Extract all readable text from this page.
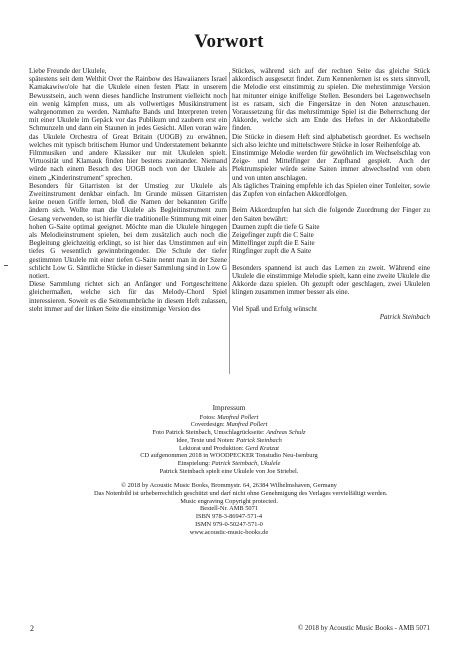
Vorwort

Liebe Freunde der Ukulele,

spätestens seit dem Welthit Over the Rainbow des Hawaiianers Israel Kamakawiwo'ole hat die Ukulele einen festen Platz in unserem Bewusstsein, auch wenn dieses handliche Instrument vielleicht noch ein wenig kämpfen muss, um als vollwertiges Musikinstrument wahrgenommen zu werden. Namhafte Bands und Interpreten treten mit einer Ukulele im Gepäck vor das Publikum und zaubern erst ein Schmunzeln und dann ein Staunen in jedes Gesicht. Allen voran wäre das Ukulele Orchestra of Great Britain (UOGB) zu erwähnen, welches mit typisch britischem Humor und Understatement bekannte Filmmusiken und andere Klassiker nur mit Ukulelen spielt. Virtuosität und Klamauk finden hier bestens zueinander. Niemand würde nach einem Besuch des UOGB noch von der Ukulele als einem „Kinderinstrument" sprechen.

Besonders für Gitarristen ist der Umstieg zur Ukulele als Zweitinstrument denkbar einfach. Im Grunde müssen Gitarristen keine neuen Griffe lernen, bloß die Namen der bekannten Griffe ändern sich. Wollte man die Ukulele als Begleitinstrument zum Gesang verwenden, so ist hierfür die traditionelle Stimmung mit einer hohen G-Saite optimal geeignet. Möchte man die Ukulele hingegen als Melodieinstrument spielen, bei dem zusätzlich auch noch die Begleitung gleichzeitig erklingt, so ist hier das Umstimmen auf ein tiefes G wesentlich gewinnbringender. Die Schule der tiefer gestimmten Ukulele mit einer tiefen G-Saite nennt man in der Szene schlicht Low G. Sämtliche Stücke in dieser Sammlung sind in Low G notiert.

Diese Sammlung richtet sich an Anfänger und Fortgeschrittene gleichermaßen, welche sich für das Melody-Chord Spiel interessieren. Soweit es die Seitenumbrüche in diesem Heft zulassen, steht immer auf der linken Seite die einstimmige Version des

Stückes, während sich auf der rechten Seite das gleiche Stück akkordisch ausgesetzt findet. Zum Kennenlernen ist es stets sinnvoll, die Melodie erst einstimmig zu spielen. Die mehrstimmige Version hat mitunter einige kniffelige Stellen. Besonders bei Lagenwechseln ist es ratsam, sich die Fingersätze in den Noten anzuschauen. Voraussetzung für das mehrstimmige Spiel ist die Beherrschung der Akkorde, welche sich am Ende des Heftes in der Akkordtabelle finden.

Die Stücke in diesem Heft sind alphabetisch geordnet. Es wechseln sich also leichte und mittelschwere Stücke in loser Reihenfolge ab.

Einstimmige Melodie werden für gewöhnlich im Wechselschlag von Zeige- und Mittelfinger der Zupfhand gespielt. Auch der Plektrumspieler würde seine Saiten immer abwechselnd von oben und von unten anschlagen.

Als tägliches Training empfehle ich das Spielen einer Tonleiter, sowie das Zupfen von einfachen Akkordfolgen.

Beim Akkordzupfen hat sich die folgende Zuordnung der Finger zu den Saiten bewährt:

Daumen zupft die tiefe G Saite

Zeigefinger zupft die C Saite

Mittelfinger zupft die E Saite

Ringfinger zupft die A Saite

Besonders spannend ist auch das Lernen zu zweit. Während eine Ukulele die einstimmige Melodie spielt, kann eine zweite Ukulele die Akkorde dazu spielen. Oh gezupft oder geschlagen, zwei Ukulelen klingen zusammen immer besser als eine.

Viel Spaß und Erfolg wünscht

Patrick Steinbach

Impressum
Fotos: Manfred Pollert
Coverdesign: Manfred Pollert
Foto Patrick Steinbach, Umschlagrückseite: Andreas Schulz
Idee, Texte und Noten: Patrick Steinbach
Lektorat und Produktion: Gerd Kratzat
CD aufgenommen 2018 in WOODPECKER Tonstudio Neu-Isenburg
Einspielung: Patrick Steinbach, Ukulele
Patrick Steinbach spielt eine Ukulele von Joe Striebel.
© 2018 by Acoustic Music Books, Brommystr. 64, 26384 Wilhelmshaven, Germany
Das Notenbild ist urheberrechtlich geschützt und darf nicht ohne Genehmigung des Verlages vervielfältigt werden.
Music engraving Copyright protected.
Bestell-Nr. AMB 5071
ISBN 978-3-86947-571-4
ISMN 979-0-50247-571-0
www.acoustic-music-books.de
2	© 2018 by Acoustic Music Books - AMB 5071
